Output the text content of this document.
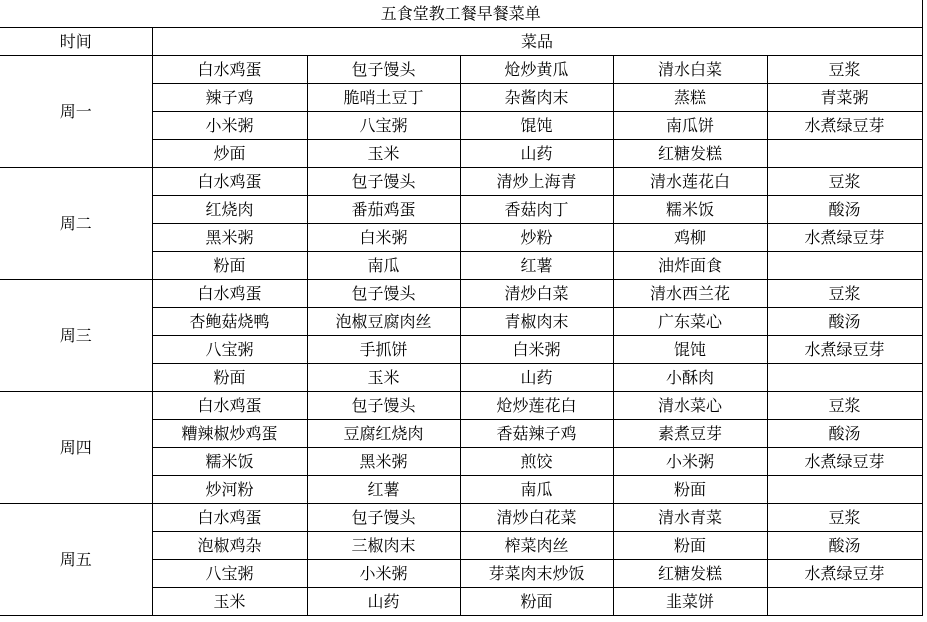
五食堂教工餐早餐菜单					
时间	菜品				
周一	白水鸡蛋	包子馒头	炝炒黄瓜	清水白菜	豆浆
	辣子鸡	脆哨土豆丁	杂酱肉末	蒸糕	青菜粥
	小米粥	八宝粥	馄饨	南瓜饼	水煮绿豆芽
	炒面	玉米	山药	红糖发糕	
周二	白水鸡蛋	包子馒头	清炒上海青	清水莲花白	豆浆
	红烧肉	番茄鸡蛋	香菇肉丁	糯米饭	酸汤
	黑米粥	白米粥	炒粉	鸡柳	水煮绿豆芽
	粉面	南瓜	红薯	油炸面食	
周三	白水鸡蛋	包子馒头	清炒白菜	清水西兰花	豆浆
	杏鲍菇烧鸭	泡椒豆腐肉丝	青椒肉末	广东菜心	酸汤
	八宝粥	手抓饼	白米粥	馄饨	水煮绿豆芽
	粉面	玉米	山药	小酥肉	
周四	白水鸡蛋	包子馒头	炝炒莲花白	清水菜心	豆浆
	糟辣椒炒鸡蛋	豆腐红烧肉	香菇辣子鸡	素煮豆芽	酸汤
	糯米饭	黑米粥	煎饺	小米粥	水煮绿豆芽
	炒河粉	红薯	南瓜	粉面	
周五	白水鸡蛋	包子馒头	清炒白花菜	清水青菜	豆浆
	泡椒鸡杂	三椒肉末	榨菜肉丝	粉面	酸汤
	八宝粥	小米粥	芽菜肉末炒饭	红糖发糕	水煮绿豆芽
	玉米	山药	粉面	韭菜饼	
